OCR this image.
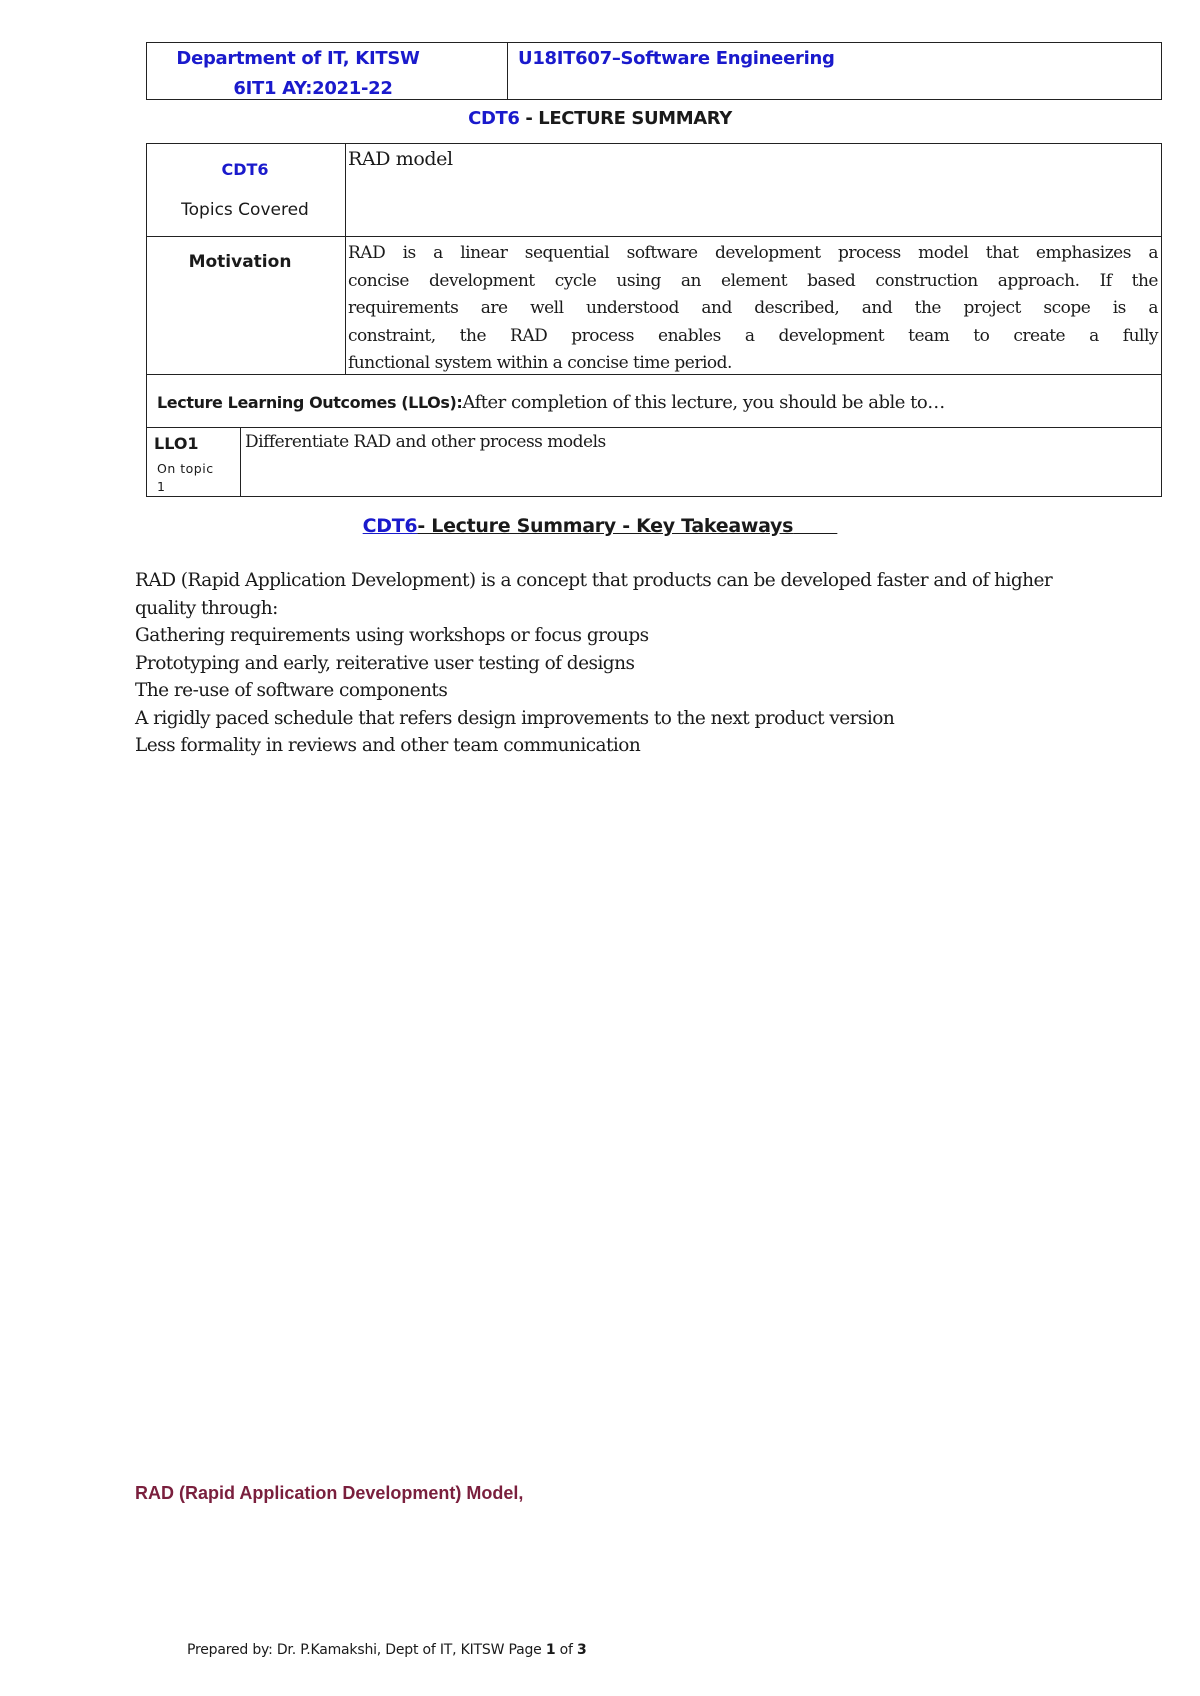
Department of IT, KITSW
6IT1 AY:2021-22
U18IT607–Software Engineering
CDT6 - LECTURE SUMMARY
CDT6
Topics Covered
RAD model
Motivation	RAD is a linear sequential software development process model that emphasizes a
concise development cycle using an element based construction approach. If the
requirements are well understood and described, and the project scope is a
constraint, the RAD process enables a development team to create a fully
functional system within a concise time period.
Lecture Learning Outcomes (LLOs):After completion of this lecture, you should be able to…
LLO1
On topic
1
Differentiate RAD and other process models
CDT6- Lecture Summary - Key Takeaways
RAD (Rapid Application Development) is a concept that products can be developed faster and of higher
quality through:
Gathering requirements using workshops or focus groups
Prototyping and early, reiterative user testing of designs
The re-use of software components
A rigidly paced schedule that refers design improvements to the next product version
Less formality in reviews and other team communication
RAD (Rapid Application Development) Model,
Prepared by: Dr. P.Kamakshi, Dept of IT, KITSW Page 1 of 3
